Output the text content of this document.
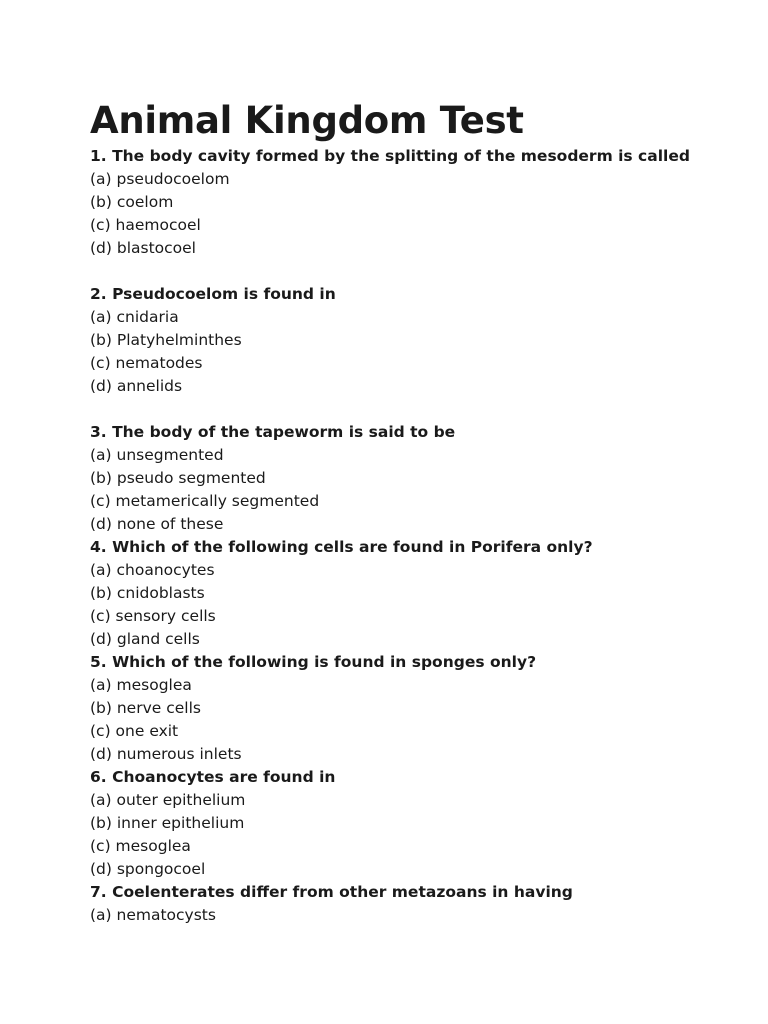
Animal Kingdom Test
1. The body cavity formed by the splitting of the mesoderm is called
(a) pseudocoelom
(b) coelom
(c) haemocoel
(d) blastocoel
2. Pseudocoelom is found in
(a) cnidaria
(b) Platyhelminthes
(c) nematodes
(d) annelids
3. The body of the tapeworm is said to be
(a) unsegmented
(b) pseudo segmented
(c) metamerically segmented
(d) none of these
4. Which of the following cells are found in Porifera only?
(a) choanocytes
(b) cnidoblasts
(c) sensory cells
(d) gland cells
5. Which of the following is found in sponges only?
(a) mesoglea
(b) nerve cells
(c) one exit
(d) numerous inlets
6. Choanocytes are found in
(a) outer epithelium
(b) inner epithelium
(c) mesoglea
(d) spongocoel
7. Coelenterates differ from other metazoans in having
(a) nematocysts
